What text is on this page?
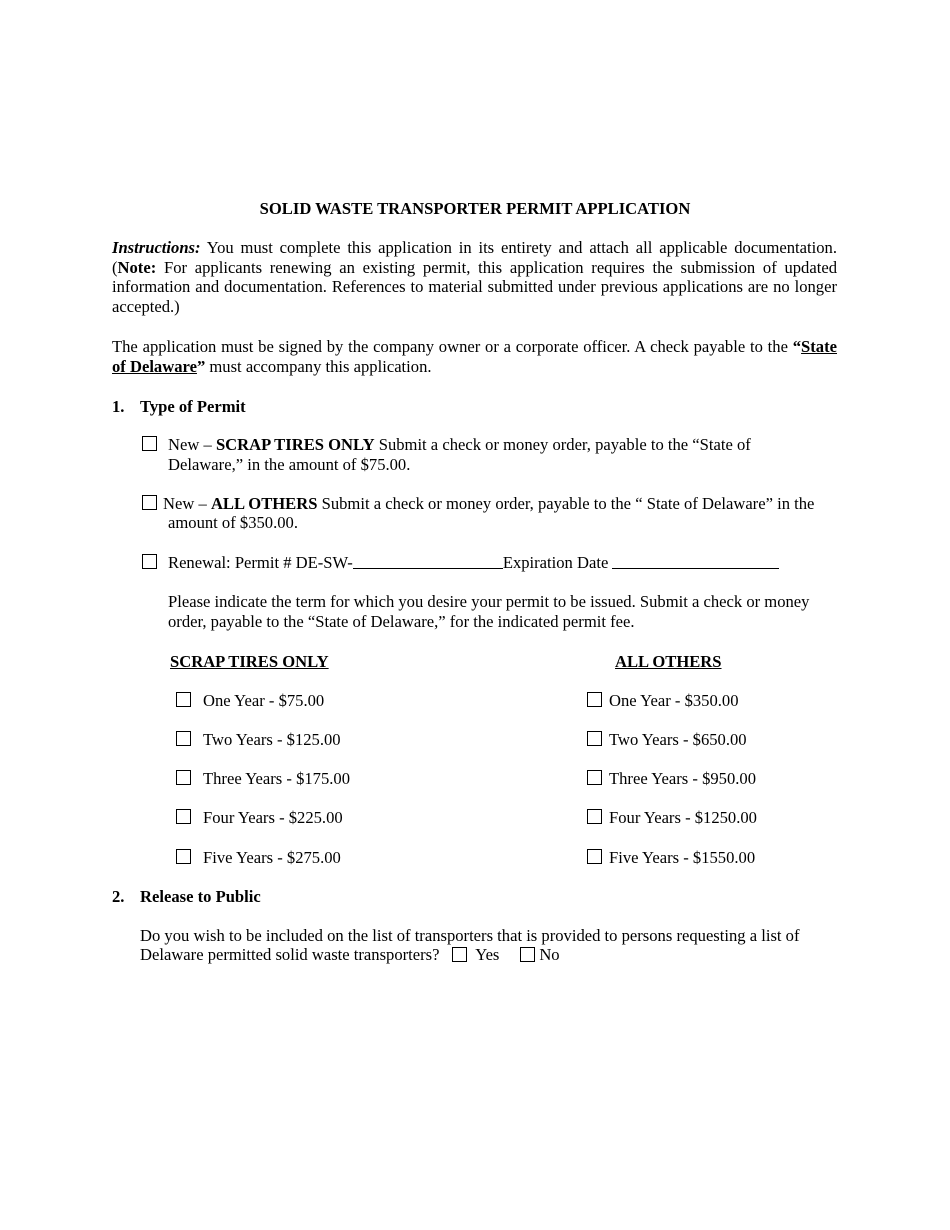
SOLID WASTE TRANSPORTER PERMIT APPLICATION
Instructions: You must complete this application in its entirety and attach all applicable documentation. (Note: For applicants renewing an existing permit, this application requires the submission of updated information and documentation. References to material submitted under previous applications are no longer accepted.)
The application must be signed by the company owner or a corporate officer. A check payable to the “State of Delaware” must accompany this application.
1. Type of Permit
New – SCRAP TIRES ONLY Submit a check or money order, payable to the “State of
Delaware,” in the amount of $75.00.
New – ALL OTHERS Submit a check or money order, payable to the “ State of Delaware” in the
amount of $350.00.
Renewal: Permit # DE-SW-	Expiration Date
Please indicate the term for which you desire your permit to be issued. Submit a check or money order, payable to the “State of Delaware,” for the indicated permit fee.
SCRAP TIRES ONLY	ALL OTHERS
One Year - $75.00
Two Years - $125.00
Three Years - $175.00
Four Years - $225.00
Five Years - $275.00
One Year - $350.00
Two Years - $650.00
Three Years - $950.00
Four Years - $1250.00
Five Years - $1550.00
2. Release to Public
Do you wish to be included on the list of transporters that is provided to persons requesting a list of
Delaware permitted solid waste transporters? Yes No
